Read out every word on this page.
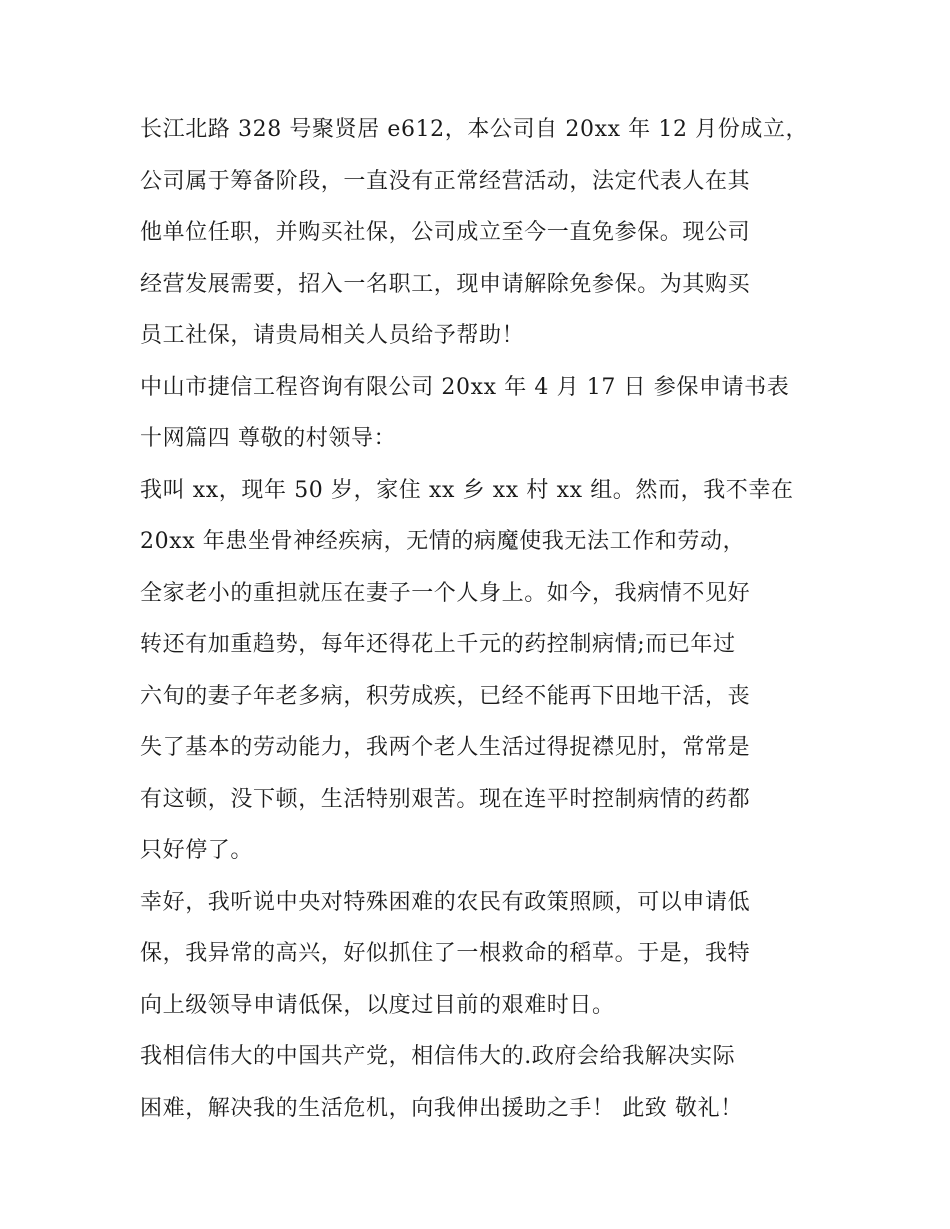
长江北路 328 号聚贤居 e612，本公司自 20xx 年 12 月份成立，
公司属于筹备阶段，一直没有正常经营活动，法定代表人在其
他单位任职，并购买社保，公司成立至今一直免参保。现公司
经营发展需要，招入一名职工，现申请解除免参保。为其购买
员工社保，请贵局相关人员给予帮助！
中山市捷信工程咨询有限公司 20xx 年 4 月 17 日 参保申请书表
十网篇四 尊敬的村领导：
我叫 xx，现年 50 岁，家住 xx 乡 xx 村 xx 组。然而，我不幸在
20xx 年患坐骨神经疾病，无情的病魔使我无法工作和劳动，
全家老小的重担就压在妻子一个人身上。如今，我病情不见好
转还有加重趋势，每年还得花上千元的药控制病情;而已年过
六旬的妻子年老多病，积劳成疾，已经不能再下田地干活，丧
失了基本的劳动能力，我两个老人生活过得捉襟见肘，常常是
有这顿，没下顿，生活特别艰苦。现在连平时控制病情的药都
只好停了。
幸好，我听说中央对特殊困难的农民有政策照顾，可以申请低
保，我异常的高兴，好似抓住了一根救命的稻草。于是，我特
向上级领导申请低保，以度过目前的艰难时日。
我相信伟大的中国共产党，相信伟大的.政府会给我解决实际
困难，解决我的生活危机，向我伸出援助之手！ 此致 敬礼！
